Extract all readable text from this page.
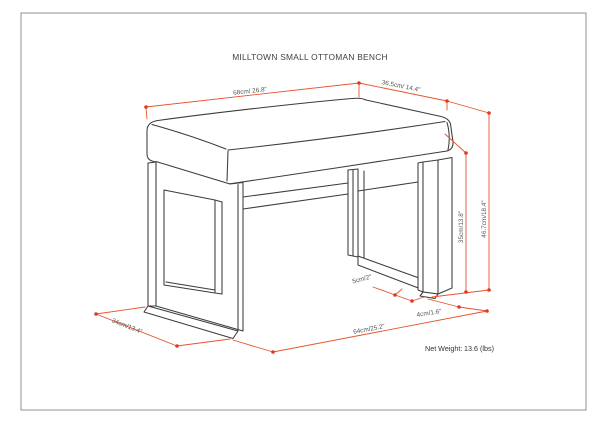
MILLTOWN SMALL OTTOMAN BENCH
68cm/ 26.8"	36.5cm/ 14.4"
46.7cm/18.4"
35cm/13.8"
5cm/2"
4cm/1.6"
64cm/25.2"
34cm/13.4"
Net Weight: 13.6 (lbs)
